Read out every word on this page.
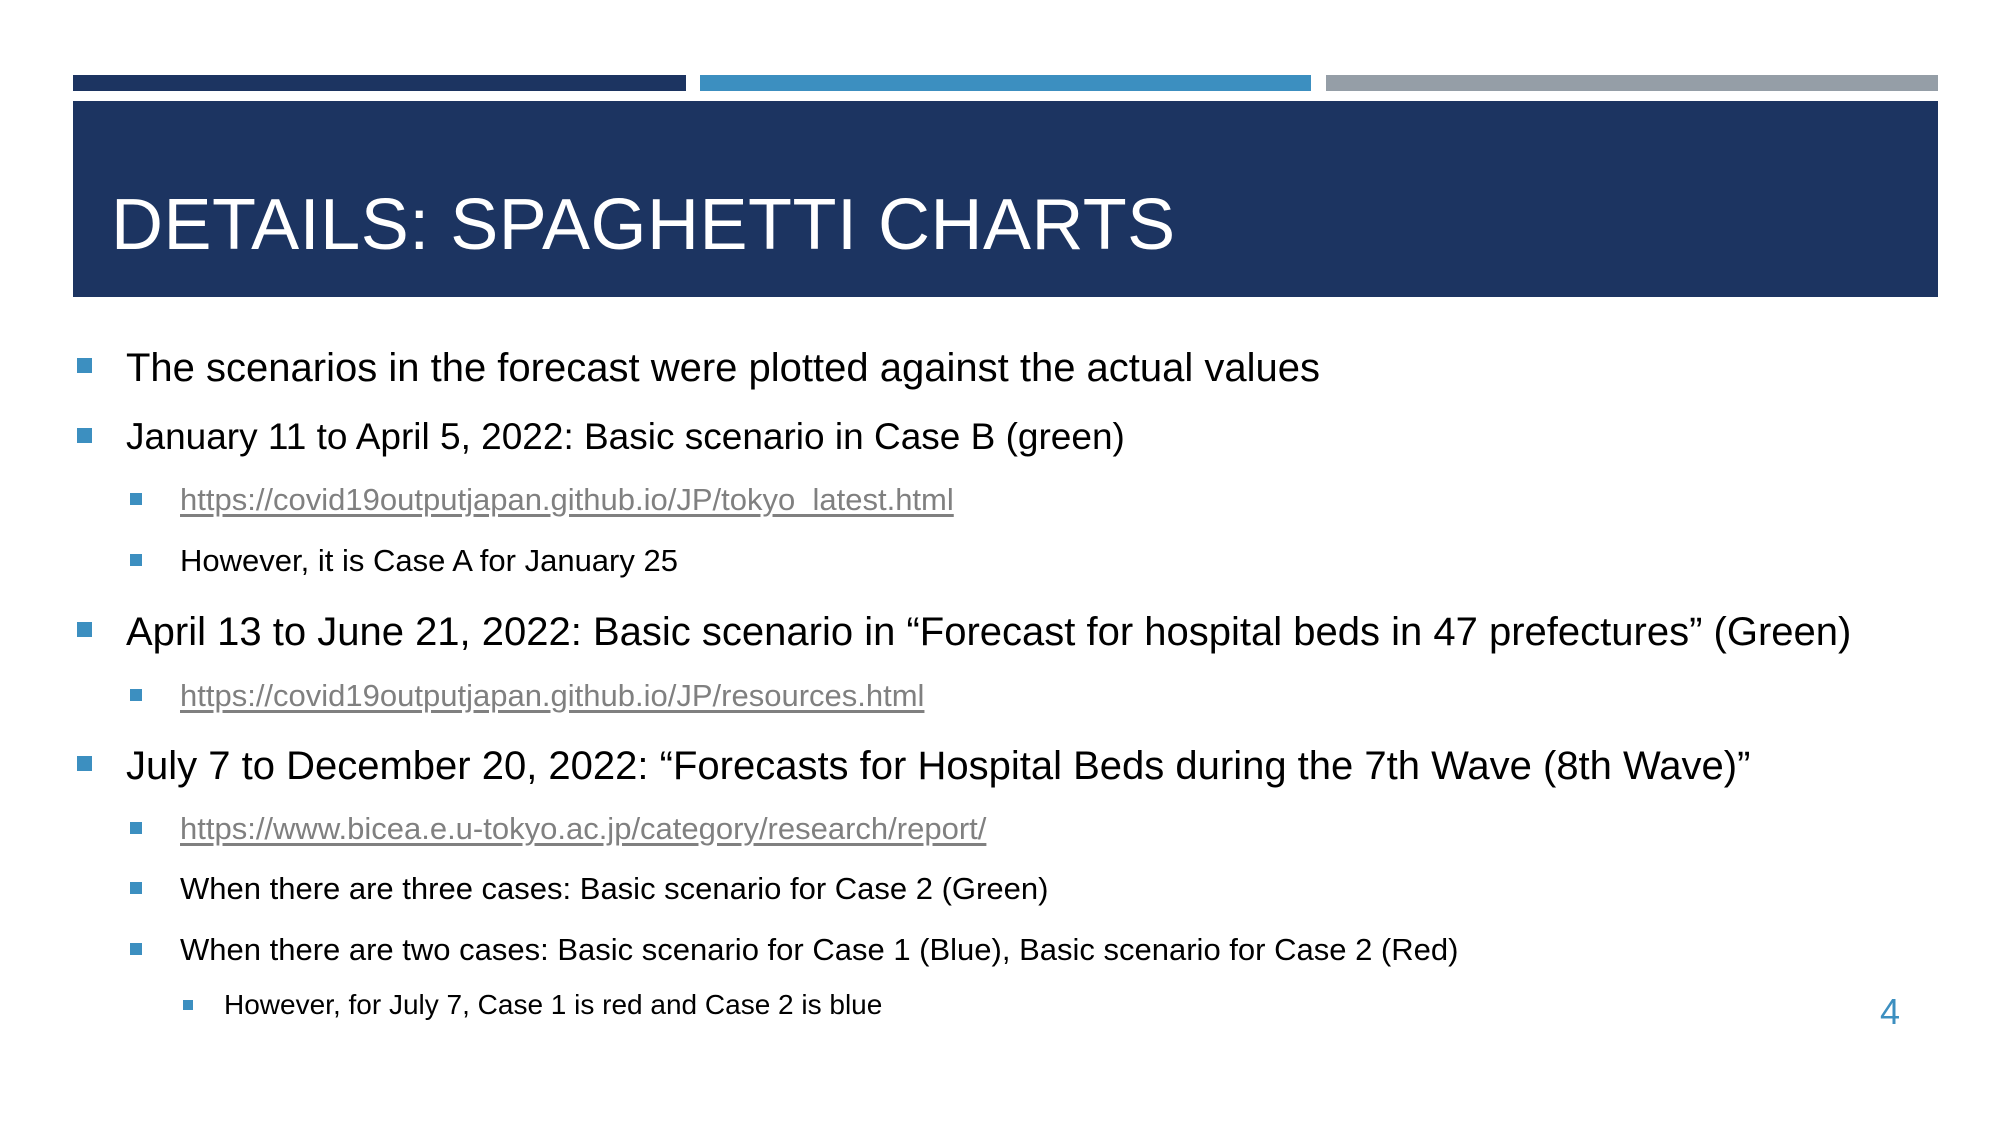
DETAILS: SPAGHETTI CHARTS
The scenarios in the forecast were plotted against the actual values
January 11 to April 5, 2022: Basic scenario in Case B (green)
https://covid19outputjapan.github.io/JP/tokyo_latest.html
However, it is Case A for January 25
April 13 to June 21, 2022: Basic scenario in “Forecast for hospital beds in 47 prefectures” (Green)
https://covid19outputjapan.github.io/JP/resources.html
July 7 to December 20, 2022: “Forecasts for Hospital Beds during the 7th Wave (8th Wave)”
https://www.bicea.e.u-tokyo.ac.jp/category/research/report/
When there are three cases: Basic scenario for Case 2 (Green)
When there are two cases: Basic scenario for Case 1 (Blue), Basic scenario for Case 2 (Red)
However, for July 7, Case 1 is red and Case 2 is blue	4
